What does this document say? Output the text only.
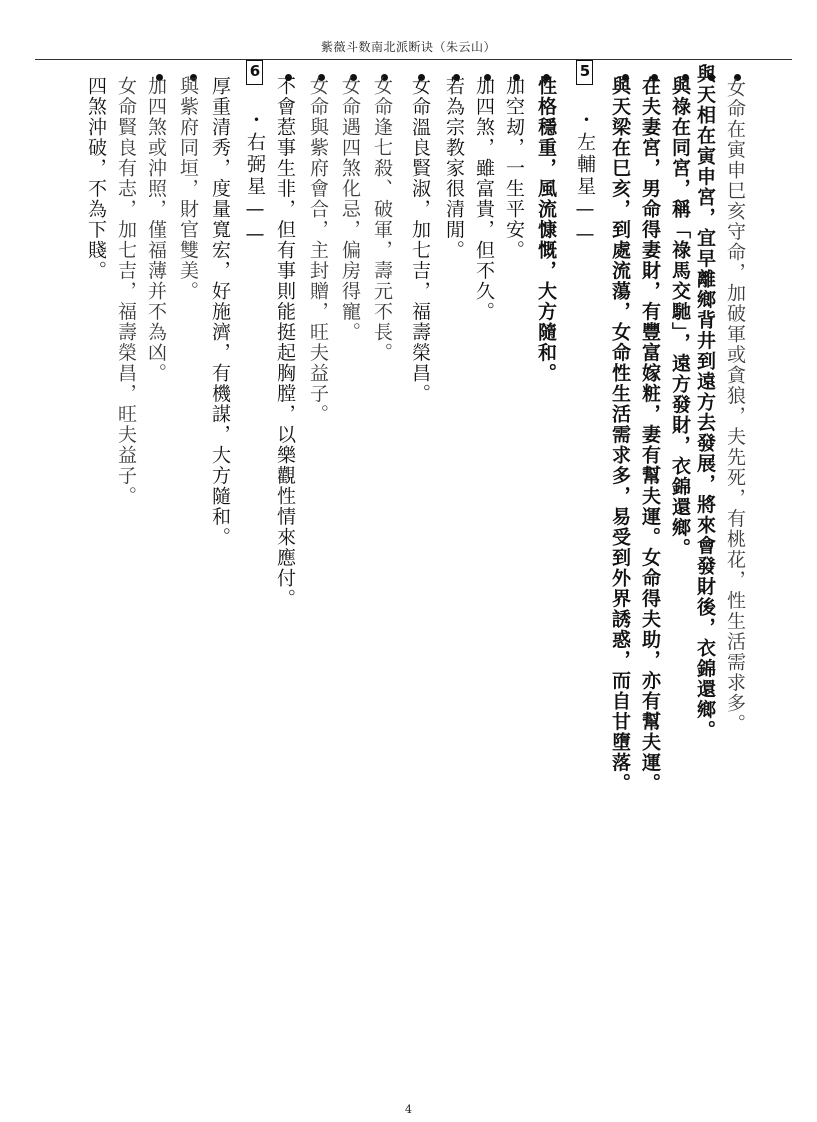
紫薇斗数南北派断诀（朱云山）
女命在寅申巳亥守命，加破軍或貪狼，夫先死，有桃花，性生活需求多。
與天相在寅申宮，宜早離鄉背井到遠方去發展，將來會發財後，衣錦還鄉。
與祿在同宮，稱「祿馬交馳」，遠方發財，衣錦還鄉。
在夫妻宮，男命得妻財，有豐富嫁粧，妻有幫夫運。女命得夫助，亦有幫夫運。
與天梁在巳亥，到處流蕩，女命性生活需求多，易受到外界誘惑，而自甘墮落。
5 ・左輔星——
性格穩重，風流慷慨，大方隨和。
加空刼，一生平安。
加四煞，雖富貴，但不久。
若為宗教家很清閒。
女命溫良賢淑，加七吉，福壽榮昌。
女命逢七殺、破軍，壽元不長。
女命遇四煞化忌，偏房得寵。
女命與紫府會合，主封贈，旺夫益子。
不會惹事生非，但有事則能挺起胸膛，以樂觀性情來應付。
6 ・右弼星——
厚重清秀，度量寬宏，好施濟，有機謀，大方隨和。
與紫府同垣，財官雙美。
加四煞或沖照，僅福薄并不為凶。
女命賢良有志，加七吉，福壽榮昌，旺夫益子。
四煞沖破，不為下賤。
4
